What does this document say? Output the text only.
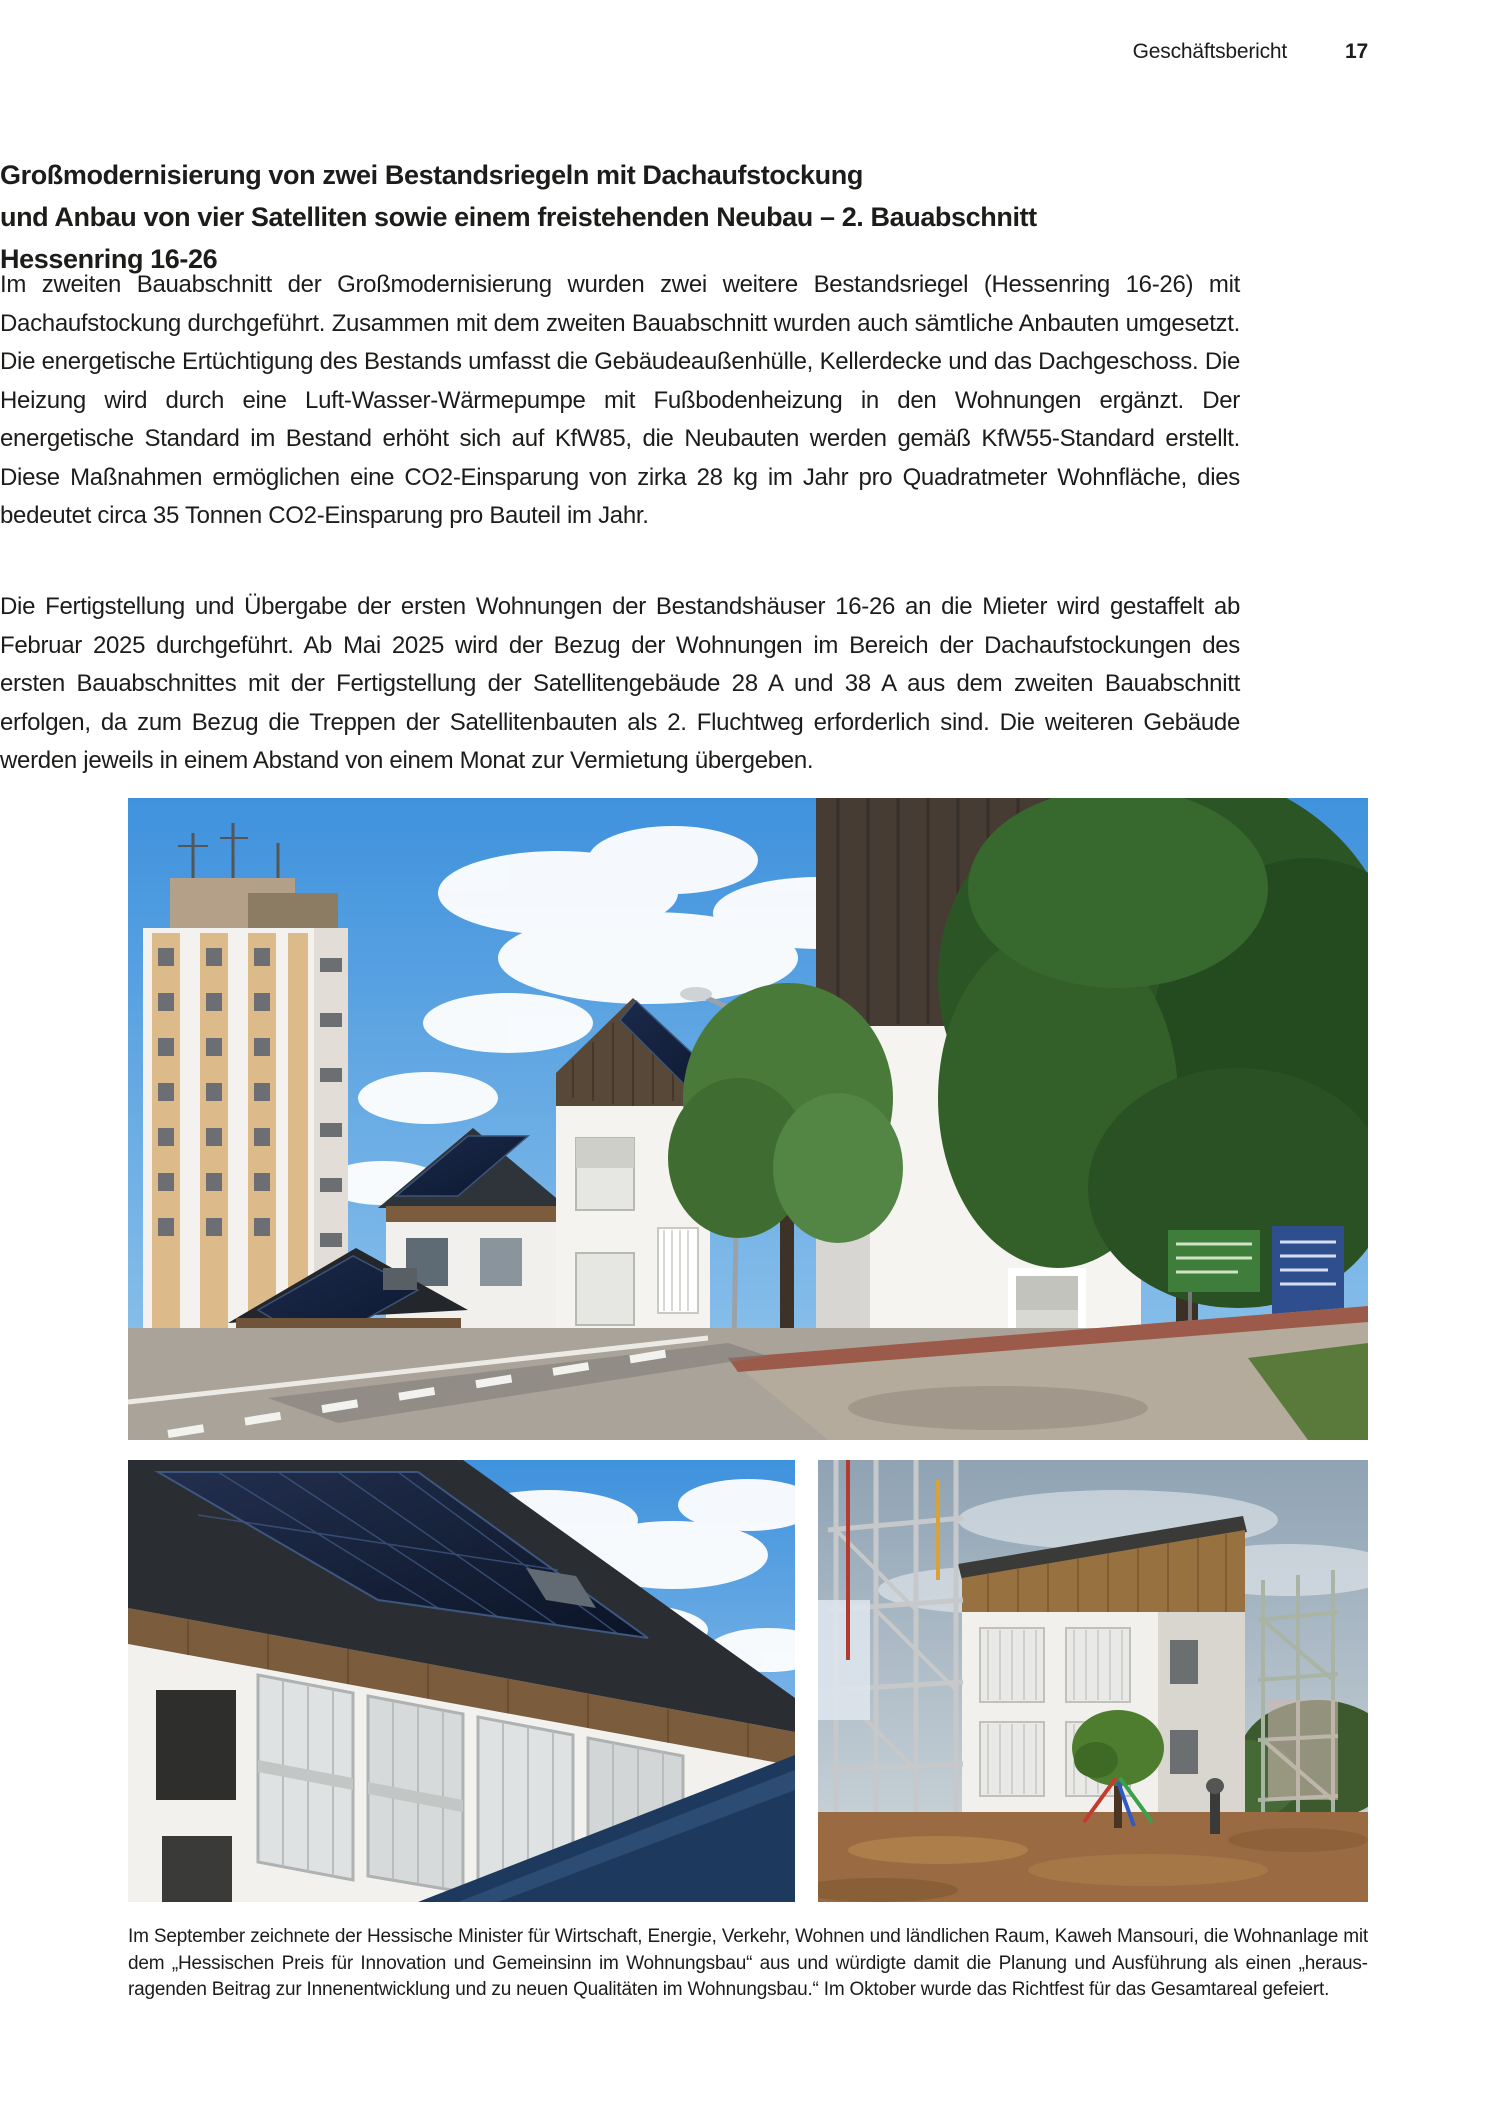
Geschäftsbericht	17
Großmodernisierung von zwei Bestandsriegeln mit Dachaufstockung
und Anbau von vier Satelliten sowie einem freistehenden Neubau – 2. Bauabschnitt
Hessenring 16-26

Im zweiten Bauabschnitt der Großmodernisierung wurden zwei weitere Bestandsriegel (Hessenring 16-26) mit Dachaufstockung durchgeführt. Zusammen mit dem zweiten Bauabschnitt wurden auch sämtliche Anbauten umgesetzt. Die energetische Ertüchtigung des Bestands umfasst die Gebäudeaußenhülle, Kellerdecke und das Dachgeschoss. Die Heizung wird durch eine Luft-Wasser-Wärmepumpe mit Fußbodenheizung in den Wohnungen ergänzt. Der energetische Standard im Bestand erhöht sich auf KfW85, die Neubauten werden gemäß KfW55-Standard erstellt. Diese Maßnahmen ermöglichen eine CO2-Einsparung von zirka 28 kg im Jahr pro Quadratmeter Wohnfläche, dies bedeutet circa 35 Tonnen CO2-Einsparung pro Bauteil im Jahr.

Die Fertigstellung und Übergabe der ersten Wohnungen der Bestandshäuser 16-26 an die Mieter wird gestaffelt ab Februar 2025 durchgeführt. Ab Mai 2025 wird der Bezug der Wohnungen im Bereich der Dachaufstockungen des ersten Bauabschnittes mit der Fertigstellung der Satellitengebäude 28 A und 38 A aus dem zweiten Bauabschnitt erfolgen, da zum Bezug die Treppen der Satellitenbauten als 2. Fluchtweg erforderlich sind. Die weiteren Gebäude werden jeweils in einem Abstand von einem Monat zur Vermietung übergeben.

Im September zeichnete der Hessische Minister für Wirtschaft, Energie, Verkehr, Wohnen und ländlichen Raum, Kaweh Mansouri, die Wohnanlage mit dem „Hessischen Preis für Innovation und Gemeinsinn im Wohnungsbau“ aus und würdigte damit die Planung und Ausführung als einen „herausragenden Beitrag zur Innenentwicklung und zu neuen Qualitäten im Wohnungsbau.“ Im Oktober wurde das Richtfest für das Gesamtareal gefeiert.
